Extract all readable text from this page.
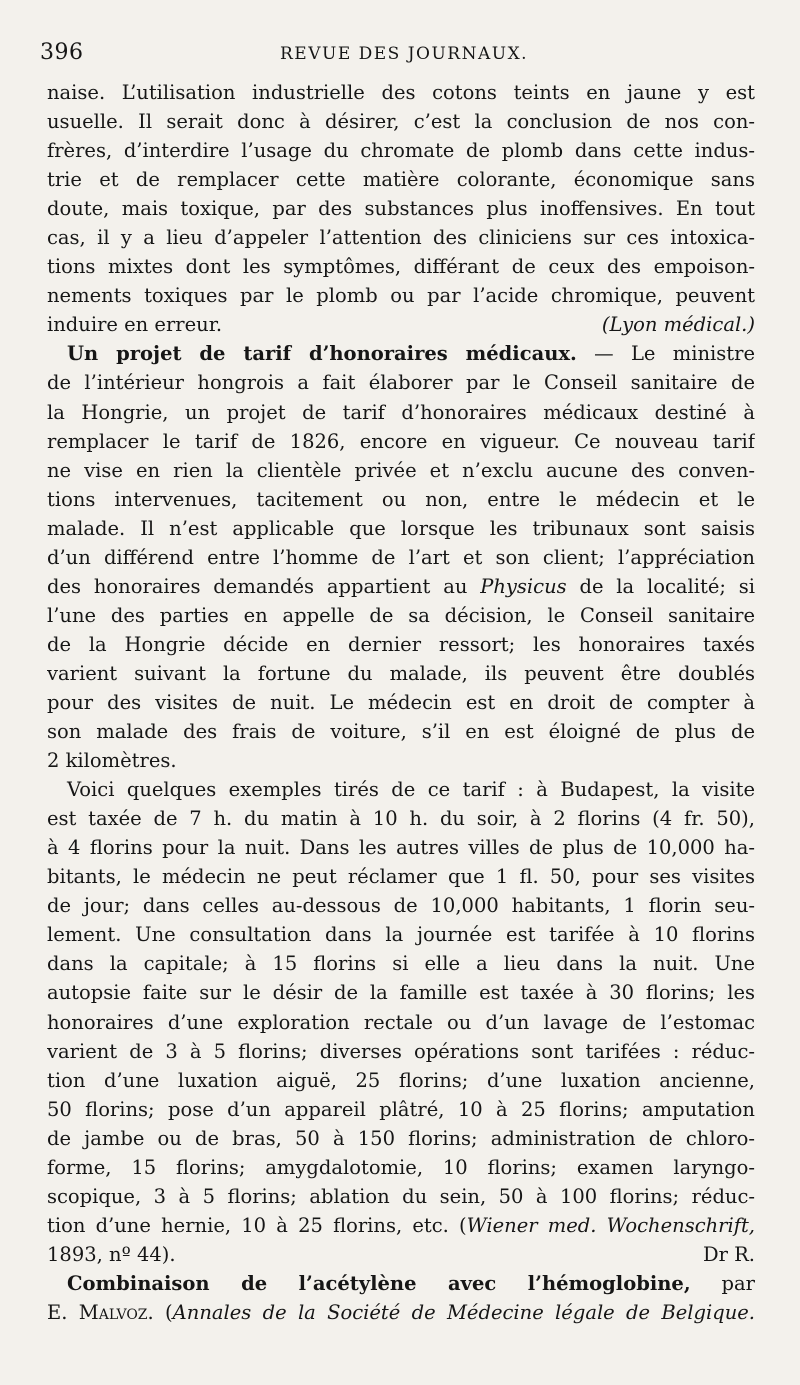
396	REVUE DES JOURNAUX.
naise. L’utilisation industrielle des cotons teints en jaune y est
usuelle. Il serait donc à désirer, c’est la conclusion de nos con-
frères, d’interdire l’usage du chromate de plomb dans cette indus-
trie et de remplacer cette matière colorante, économique sans
doute, mais toxique, par des substances plus inoffensives. En tout
cas, il y a lieu d’appeler l’attention des cliniciens sur ces intoxica-
tions mixtes dont les symptômes, différant de ceux des empoison-
nements toxiques par le plomb ou par l’acide chromique, peuvent
induire en erreur.	(Lyon médical.)
Un projet de tarif d’honoraires médicaux. — Le ministre
de l’intérieur hongrois a fait élaborer par le Conseil sanitaire de
la Hongrie, un projet de tarif d’honoraires médicaux destiné à
remplacer le tarif de 1826, encore en vigueur. Ce nouveau tarif
ne vise en rien la clientèle privée et n’exclu aucune des conven-
tions intervenues, tacitement ou non, entre le médecin et le
malade. Il n’est applicable que lorsque les tribunaux sont saisis
d’un différend entre l’homme de l’art et son client; l’appréciation
des honoraires demandés appartient au Physicus de la localité; si
l’une des parties en appelle de sa décision, le Conseil sanitaire
de la Hongrie décide en dernier ressort; les honoraires taxés
varient suivant la fortune du malade, ils peuvent être doublés
pour des visites de nuit. Le médecin est en droit de compter à
son malade des frais de voiture, s’il en est éloigné de plus de
2 kilomètres.
Voici quelques exemples tirés de ce tarif : à Budapest, la visite
est taxée de 7 h. du matin à 10 h. du soir, à 2 florins (4 fr. 50),
à 4 florins pour la nuit. Dans les autres villes de plus de 10,000 ha-
bitants, le médecin ne peut réclamer que 1 fl. 50, pour ses visites
de jour; dans celles au-dessous de 10,000 habitants, 1 florin seu-
lement. Une consultation dans la journée est tarifée à 10 florins
dans la capitale; à 15 florins si elle a lieu dans la nuit. Une
autopsie faite sur le désir de la famille est taxée à 30 florins; les
honoraires d’une exploration rectale ou d’un lavage de l’estomac
varient de 3 à 5 florins; diverses opérations sont tarifées : réduc-
tion d’une luxation aiguë, 25 florins; d’une luxation ancienne,
50 florins; pose d’un appareil plâtré, 10 à 25 florins; amputation
de jambe ou de bras, 50 à 150 florins; administration de chloro-
forme, 15 florins; amygdalotomie, 10 florins; examen laryngo-
scopique, 3 à 5 florins; ablation du sein, 50 à 100 florins; réduc-
tion d’une hernie, 10 à 25 florins, etc. (Wiener med. Wochenschrift,
1893, nº 44).	Dr R.
Combinaison de l’acétylène avec l’hémoglobine, par
E. Malvoz. (Annales de la Société de Médecine légale de Belgique.
